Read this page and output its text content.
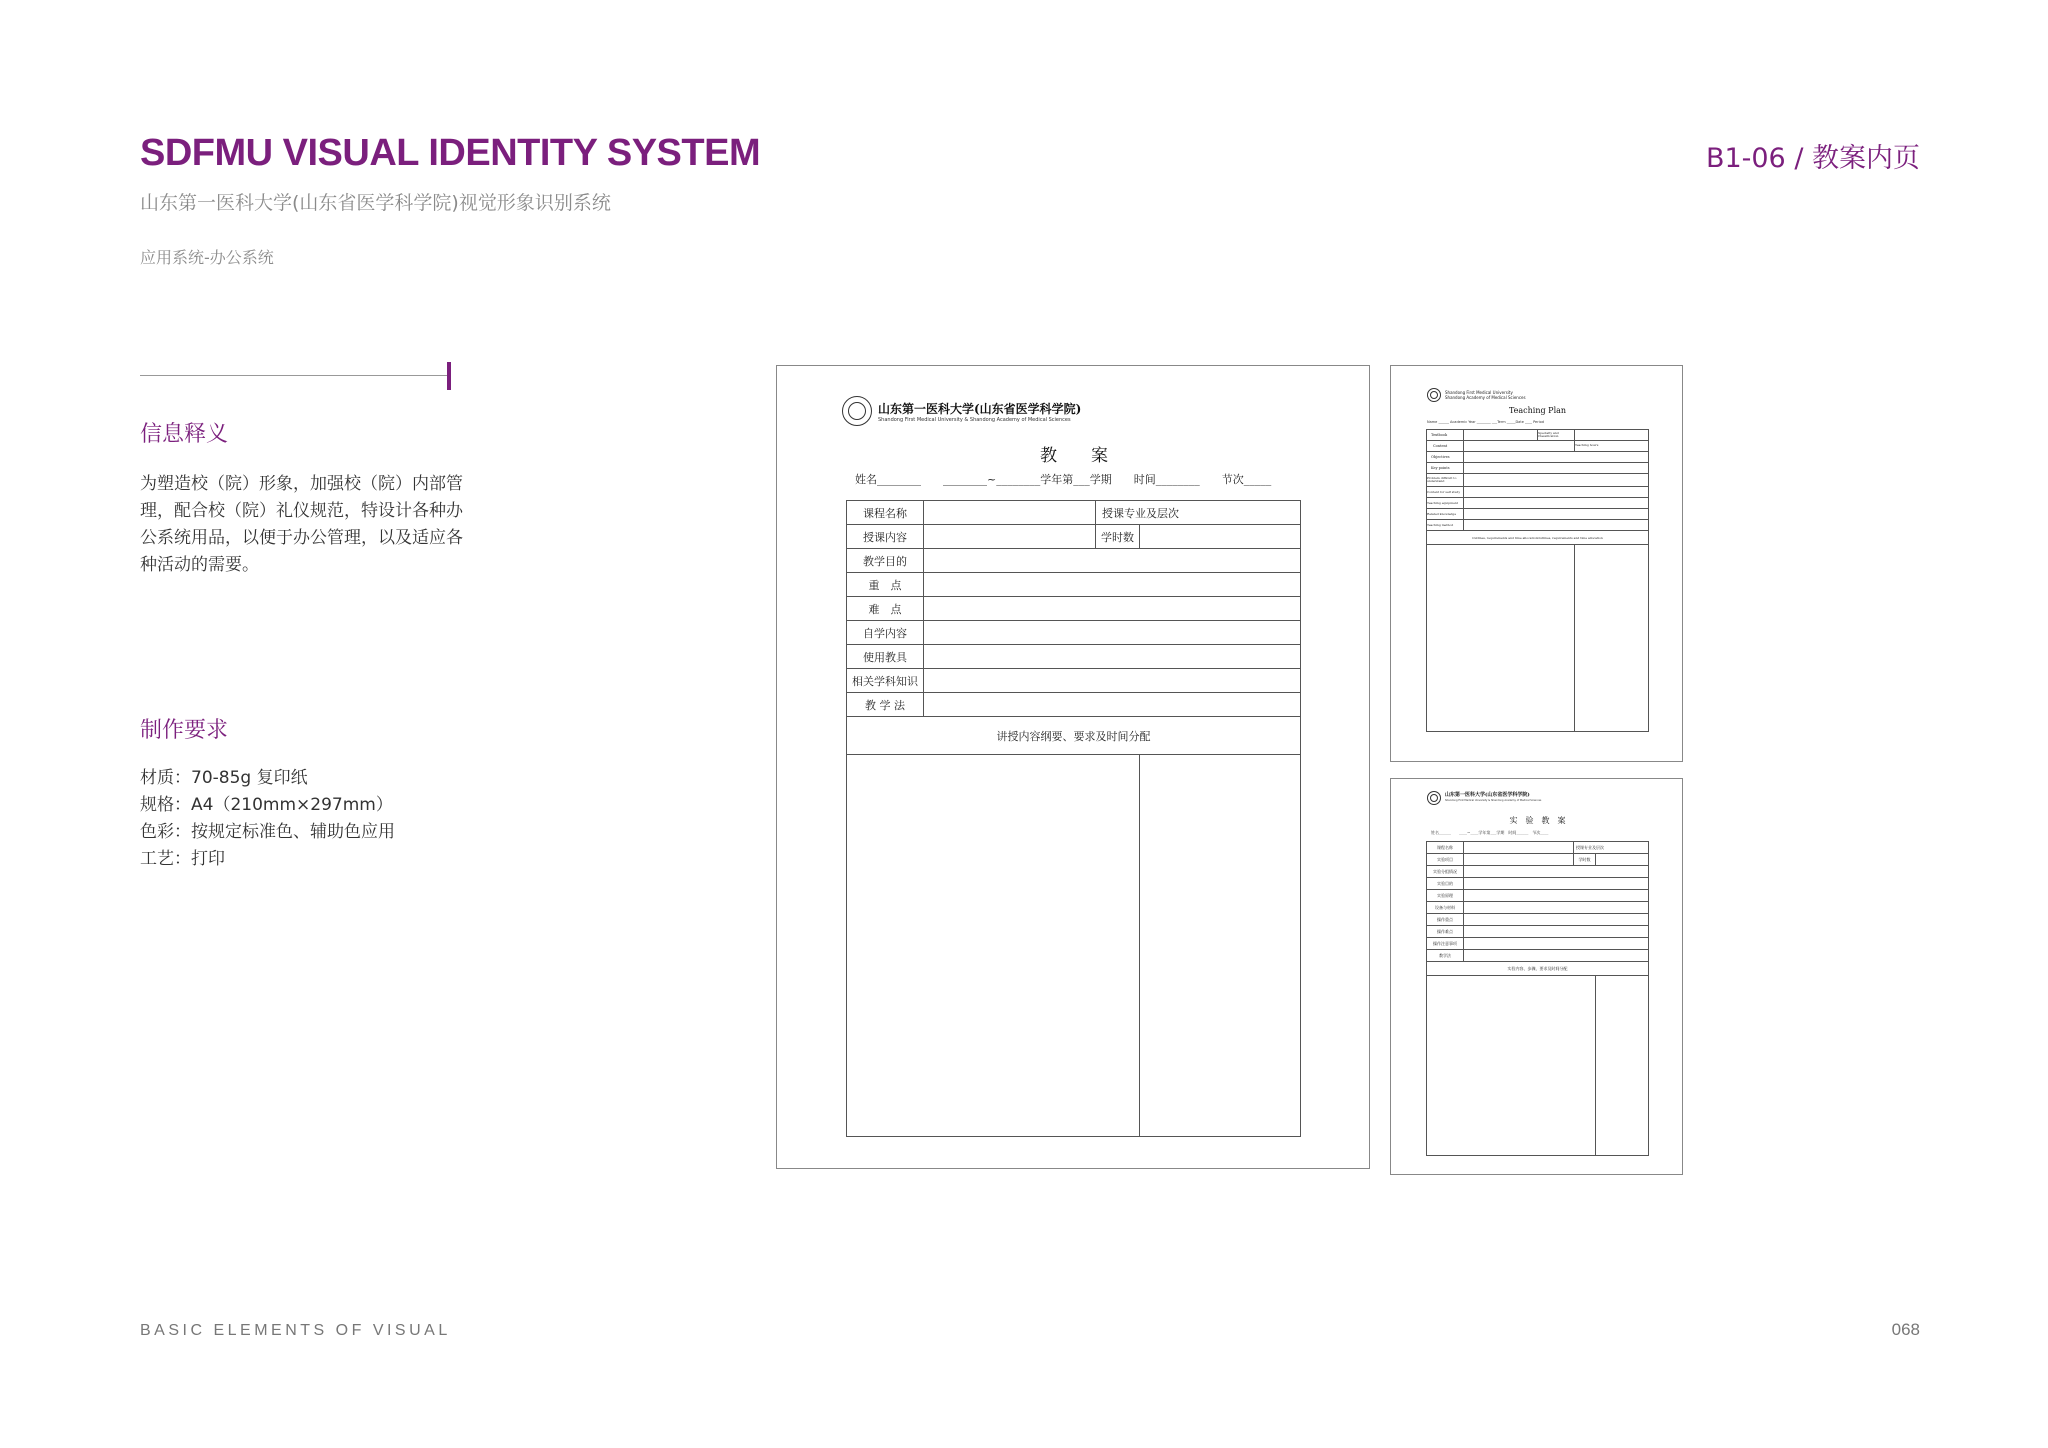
SDFMU VISUAL IDENTITY SYSTEM
山东第一医科大学(山东省医学科学院)视觉形象识别系统
应用系统-办公系统
B1-06 / 教案内页
信息释义
为塑造校（院）形象，加强校（院）内部管理，配合校（院）礼仪规范，特设计各种办公系统用品，以便于办公管理，以及适应各种活动的需要。
制作要求
材质：70-85g 复印纸
规格：A4（210mm×297mm）
色彩：按规定标准色、辅助色应用
工艺：打印
山东第一医科大学(山东省医学科学院)
Shandong First Medical University & Shandong Academy of Medical Sciences
教　　案
姓名________　　________~________学年第___学期　　时间________　　节次_____
课程名称		授课专业及层次	
授课内容		学时数	
教学目的			
重　点			
难　点			
自学内容			
使用教具			
相关学科知识			
教 学 法			
讲授内容纲要、要求及时间分配			

Shandong First Medical University
Shandong Academy of Medical Sciences
Teaching Plan
Name ______ Academic Year ________ ___Term _____Date ____ Period
Textbook		Specialty and Classification	
Content			Teaching hours
Objectives			
Key points			
Problem difficult to understand			
Content for self study			
Teaching equipment			
Related knowledge			
Teaching method			
Outlines, requirements and time allocationOutlines, requirements and time allocation			

山东第一医科大学(山东省医学科学院)
Shandong First Medical University & Shandong Academy of Medical Sciences
实　验　教　案
姓名______　　____~____学年第___学期　时间______　节次____
课程名称		授课专业及层次	
实验项目		学时数	
实验分组情况			
实验目的			
实验原理			
设备与材料			
操作重点			
操作难点			
操作注意事项			
教学法			
实验内容、步骤、要求及时间分配			

BASIC ELEMENTS OF VISUAL	068
